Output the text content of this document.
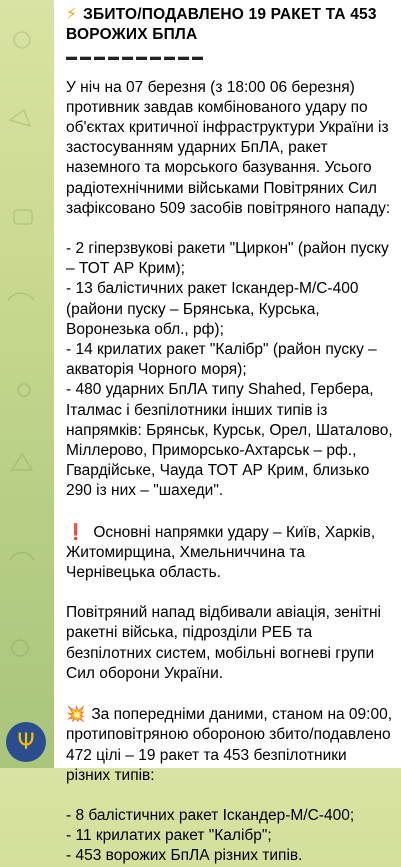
Ψ
⚡ ЗБИТО/ПОДАВЛЕНО 19 РАКЕТ ТА 453 ВОРОЖИХ БПЛА
▬▬▬▬▬▬▬▬▬▬

У ніч на 07 березня (з 18:00 06 березня) противник завдав комбінованого удару по об'єктах критичної інфраструктури України із застосуванням ударних БпЛА, ракет наземного та морського базування. Усього радіотехнічними військами Повітряних Сил зафіксовано 509 засобів повітряного нападу:

- 2 гіперзвукові ракети "Циркон" (район пуску – ТОТ АР Крим);
- 13 балістичних ракет Іскандер-М/С-400 (райони пуску – Брянська, Курська, Воронезька обл., рф);
- 14 крилатих ракет "Калібр" (район пуску – акваторія Чорного моря);
- 480 ударних БпЛА типу Shahed, Гербера, Італмас і безпілотники інших типів із напрямків: Брянськ, Курськ, Орел, Шаталово, Міллерово, Приморсько-Ахтарськ – рф., Гвардійське, Чауда ТОТ АР Крим, близько 290 із них – "шахеди".

❗ Основні напрямки удару – Київ, Харків, Житомирщина, Хмельниччина та Чернівецька область.

Повітряний напад відбивали авіація, зенітні ракетні війська, підрозділи РЕБ та безпілотних систем, мобільні вогневі групи Сил оборони України.

💥 За попередніми даними, станом на 09:00, протиповітряною обороною збито/подавлено 472 цілі – 19 ракет та 453 безпілотники різних типів:

- 8 балістичних ракет Іскандер-М/С-400;
- 11 крилатих ракет "Калібр";
- 453 ворожих БпЛА різних типів.
